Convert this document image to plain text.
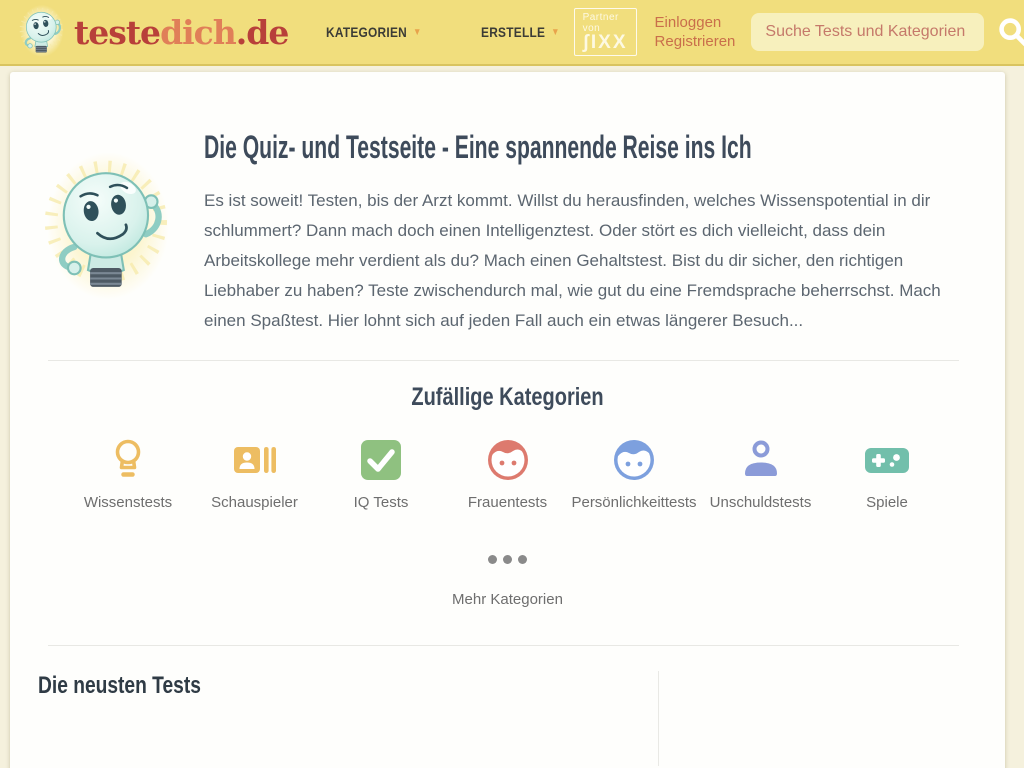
testedich.de	KATEGORIEN ▼	ERSTELLE ▼
Partner von
ʃIXX
Einloggen
Registrieren
Suche Tests und Kategorien
Die Quiz- und Testseite - Eine spannende Reise ins Ich

Es ist soweit! Testen, bis der Arzt kommt. Willst du herausfinden, welches Wissenspotential in dir schlummert? Dann mach doch einen Intelligenztest. Oder stört es dich vielleicht, dass dein Arbeitskollege mehr verdient als du? Mach einen Gehaltstest. Bist du dir sicher, den richtigen Liebhaber zu haben? Teste zwischendurch mal, wie gut du eine Fremdsprache beherrschst. Mach einen Spaßtest. Hier lohnt sich auf jeden Fall auch ein etwas längerer Besuch...

Zufällige Kategorien
Wissenstests	Schauspieler	IQ Tests	Frauentests Persönlichkeittests Unschuldstests	Spiele
Mehr Kategorien
Die neusten Tests
